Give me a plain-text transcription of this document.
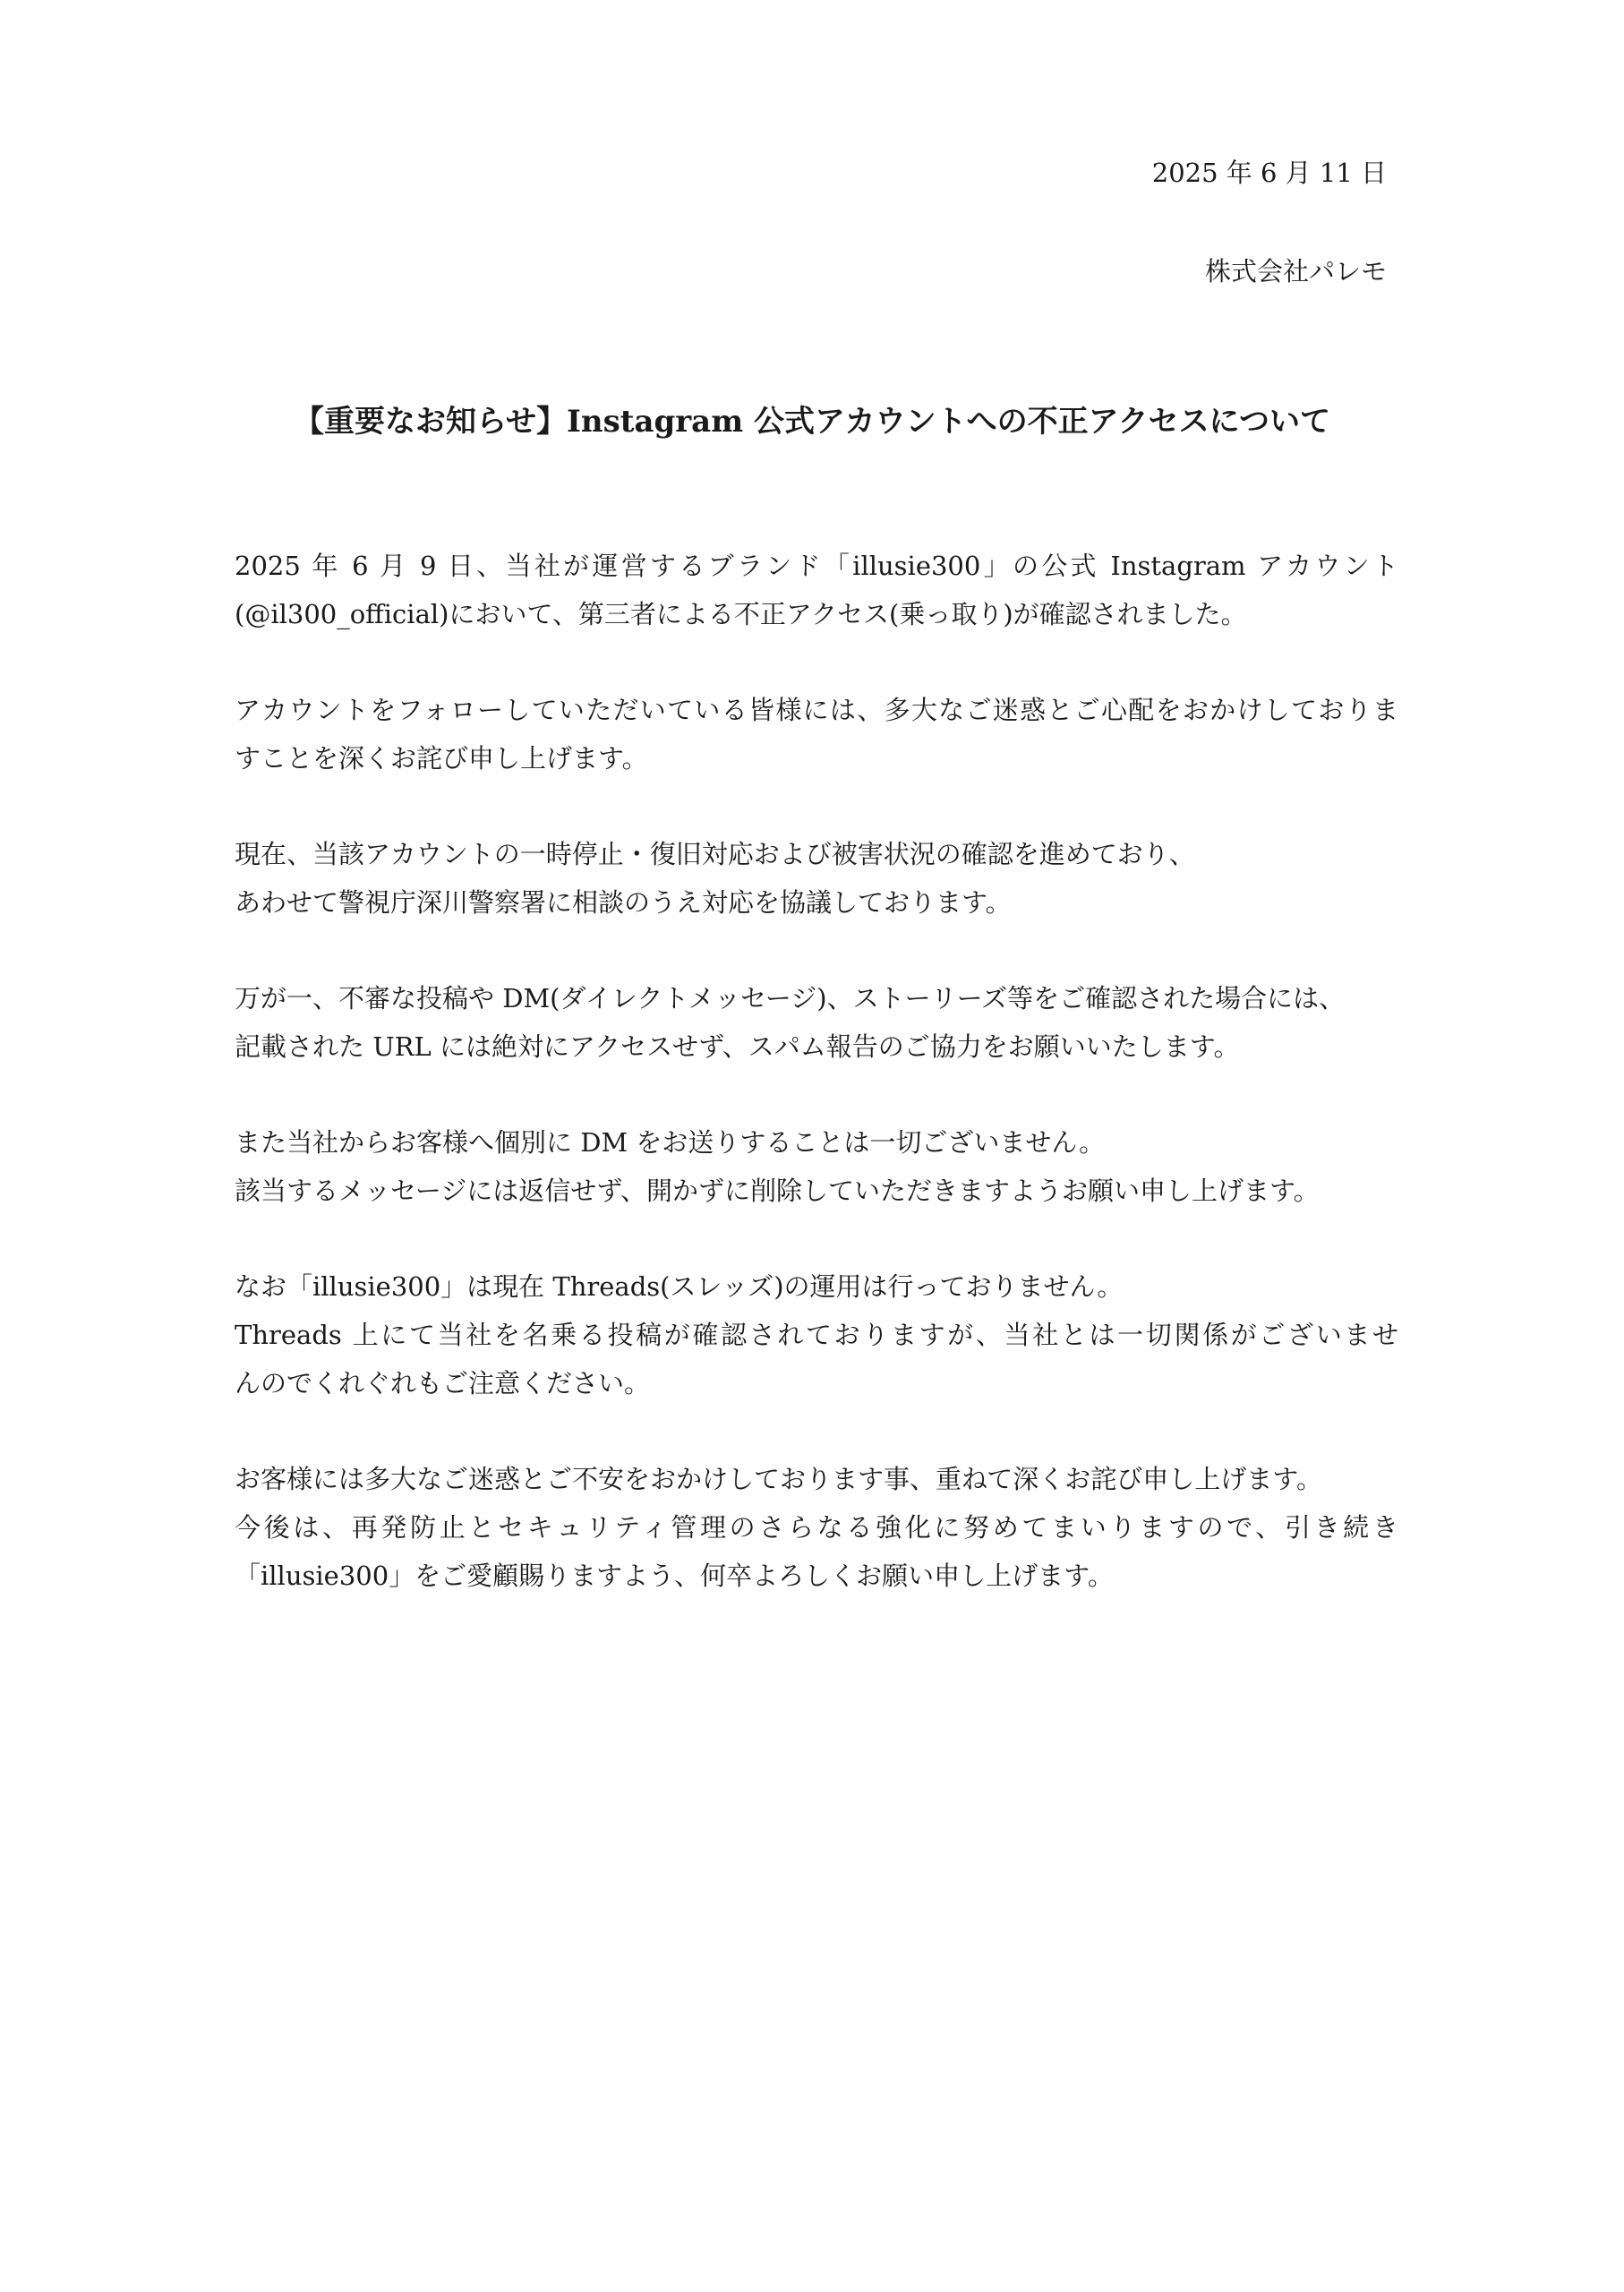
2025 年 6 月 11 日
株式会社パレモ
【重要なお知らせ】Instagram 公式アカウントへの不正アクセスについて

2025 年 6 月 9 日、当社が運営するブランド「illusie300」の公式 Instagram アカウント
(@il300_official)において、第三者による不正アクセス(乗っ取り)が確認されました。

アカウントをフォローしていただいている皆様には、多大なご迷惑とご心配をおかけしておりま
すことを深くお詫び申し上げます。

現在、当該アカウントの一時停止・復旧対応および被害状況の確認を進めており、
あわせて警視庁深川警察署に相談のうえ対応を協議しております。

万が一、不審な投稿や DM(ダイレクトメッセージ)、ストーリーズ等をご確認された場合には、
記載された URL には絶対にアクセスせず、スパム報告のご協力をお願いいたします。

また当社からお客様へ個別に DM をお送りすることは一切ございません。
該当するメッセージには返信せず、開かずに削除していただきますようお願い申し上げます。

なお「illusie300」は現在 Threads(スレッズ)の運用は行っておりません。
Threads 上にて当社を名乗る投稿が確認されておりますが、当社とは一切関係がございませ
んのでくれぐれもご注意ください。

お客様には多大なご迷惑とご不安をおかけしております事、重ねて深くお詫び申し上げます。
今後は、再発防止とセキュリティ管理のさらなる強化に努めてまいりますので、引き続き
「illusie300」をご愛顧賜りますよう、何卒よろしくお願い申し上げます。
